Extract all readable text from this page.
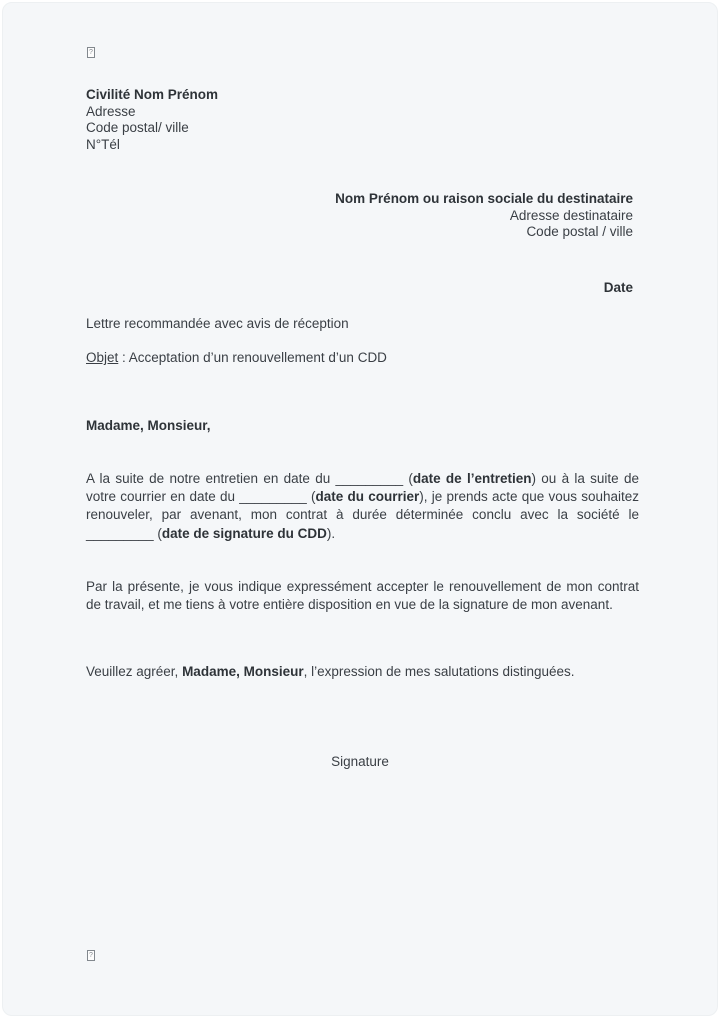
?
Civilité Nom Prénom
Adresse
Code postal/ ville
N°Tél
Nom Prénom ou raison sociale du destinataire
Adresse destinataire
Code postal / ville
Date
Lettre recommandée avec avis de réception
Objet : Acceptation d’un renouvellement d’un CDD
Madame, Monsieur,
A la suite de notre entretien en date du _________ (date de l’entretien) ou à la suite de votre courrier en date du _________ (date du courrier), je prends acte que vous souhaitez renouveler, par avenant, mon contrat à durée déterminée conclu avec la société le _________ (date de signature du CDD).
Par la présente, je vous indique expressément accepter le renouvellement de mon contrat de travail, et me tiens à votre entière disposition en vue de la signature de mon avenant.
Veuillez agréer, Madame, Monsieur, l’expression de mes salutations distinguées.
Signature
?
